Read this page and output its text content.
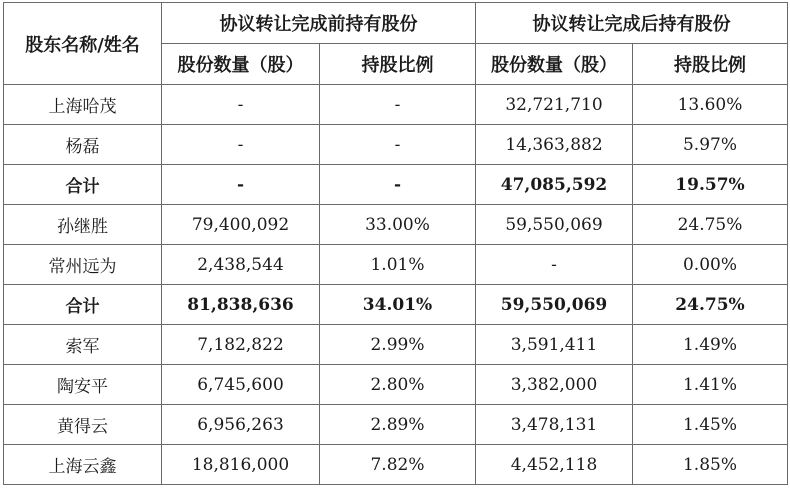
股东名称/姓名	协议转让完成前持有股份		协议转让完成后持有股份	
	股份数量（股）	持股比例	股份数量（股）	持股比例
上海哈茂	-	-	32,721,710	13.60%
杨磊	-	-	14,363,882	5.97%
合计	-	-	47,085,592	19.57%
孙继胜	79,400,092	33.00%	59,550,069	24.75%
常州远为	2,438,544	1.01%	-	0.00%
合计	81,838,636	34.01%	59,550,069	24.75%
索军	7,182,822	2.99%	3,591,411	1.49%
陶安平	6,745,600	2.80%	3,382,000	1.41%
黄得云	6,956,263	2.89%	3,478,131	1.45%
上海云鑫	18,816,000	7.82%	4,452,118	1.85%
